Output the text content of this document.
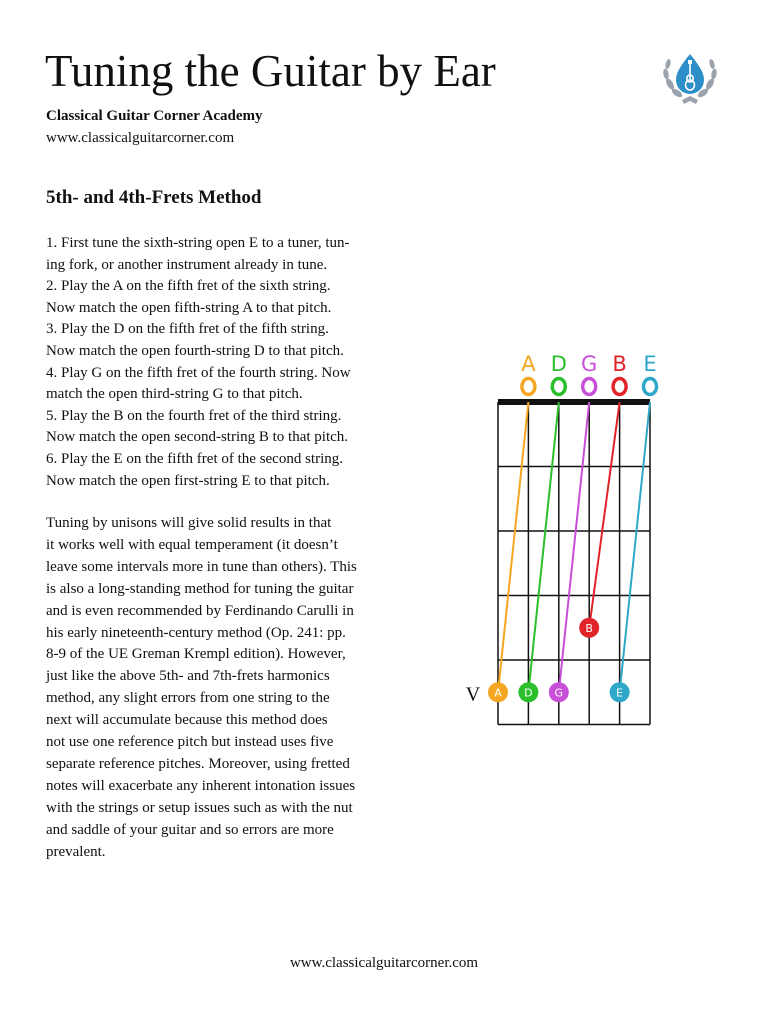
Tuning the Guitar by Ear
Classical Guitar Corner Academy
www.classicalguitarcorner.com
5th- and 4th-Frets Method
1. First tune the sixth-string open E to a tuner, tun-
ing fork, or another instrument already in tune.
2. Play the A on the fifth fret of the sixth string.
Now match the open fifth-string A to that pitch.
3. Play the D on the fifth fret of the fifth string.
Now match the open fourth-string D to that pitch.
4. Play G on the fifth fret of the fourth string. Now
match the open third-string G to that pitch.
5. Play the B on the fourth fret of the third string.
Now match the open second-string B to that pitch.
6. Play the E on the fifth fret of the second string.
Now match the open first-string E to that pitch.
Tuning by unisons will give solid results in that
it works well with equal temperament (it doesn’t
leave some intervals more in tune than others). This
is also a long-standing method for tuning the guitar
and is even recommended by Ferdinando Carulli in
his early nineteenth-century method (Op. 241: pp.
8-9 of the UE Greman Krempl edition). However,
just like the above 5th- and 7th-frets harmonics
method, any slight errors from one string to the
next will accumulate because this method does
not use one reference pitch but instead uses five
separate reference pitches. Moreover, using fretted
notes will exacerbate any inherent intonation issues
with the strings or setup issues such as with the nut
and saddle of your guitar and so errors are more
prevalent.
A D G B E
A D G
B
E
V
www.classicalguitarcorner.com
